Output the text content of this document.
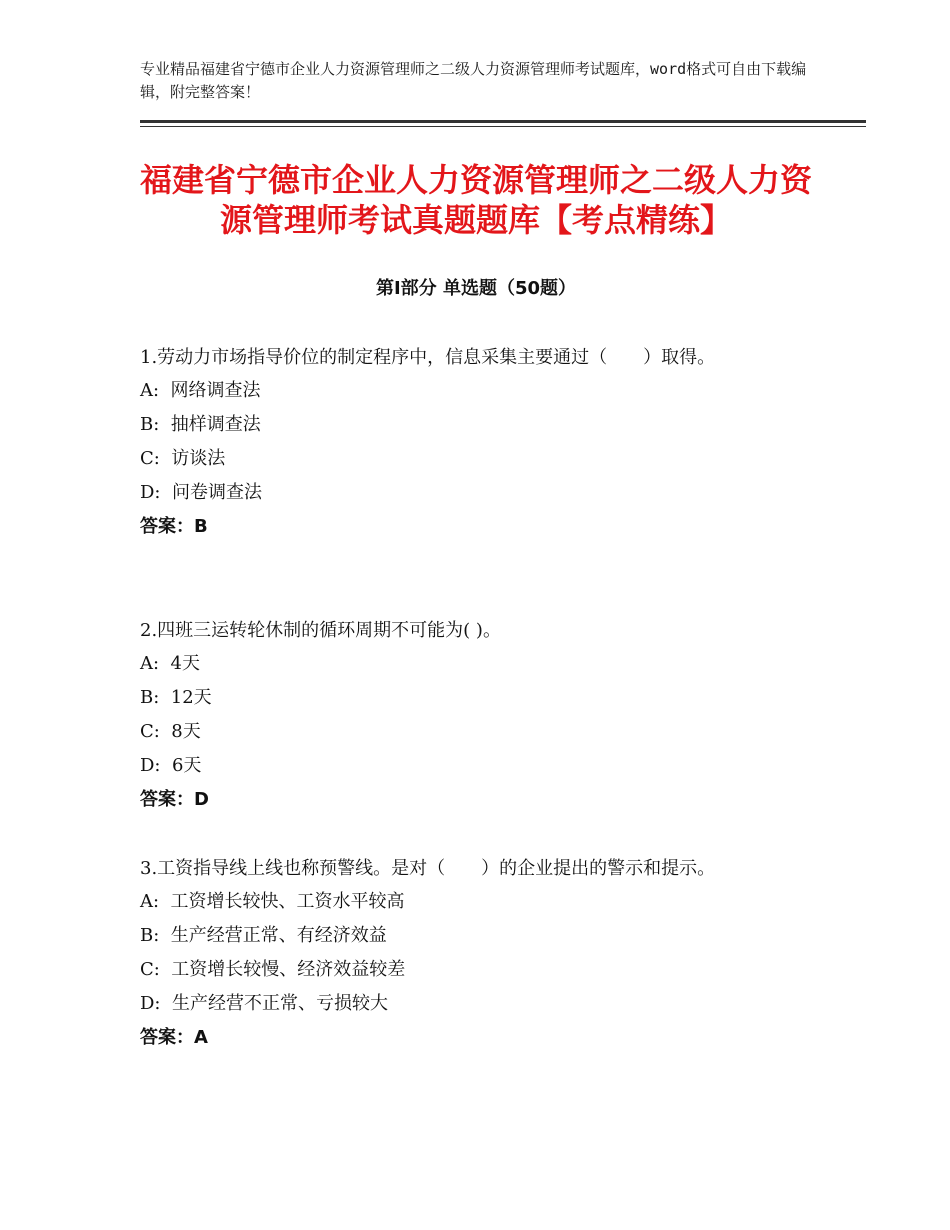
专业精品福建省宁德市企业人力资源管理师之二级人力资源管理师考试题库，word格式可自由下载编辑，附完整答案！
福建省宁德市企业人力资源管理师之二级人力资源管理师考试真题题库【考点精练】
第Ⅰ部分 单选题（50题）

1.劳动力市场指导价位的制定程序中，信息采集主要通过（　　）取得。

A:  网络调查法
B:  抽样调查法
C:  访谈法
D:  问卷调查法
答案：B

2.四班三运转轮休制的循环周期不可能为( )。

A:  4天
B:  12天
C:  8天
D:  6天
答案：D

3.工资指导线上线也称预警线。是对（　　）的企业提出的警示和提示。

A:  工资增长较快、工资水平较高
B:  生产经营正常、有经济效益
C:  工资增长较慢、经济效益较差
D:  生产经营不正常、亏损较大
答案：A
